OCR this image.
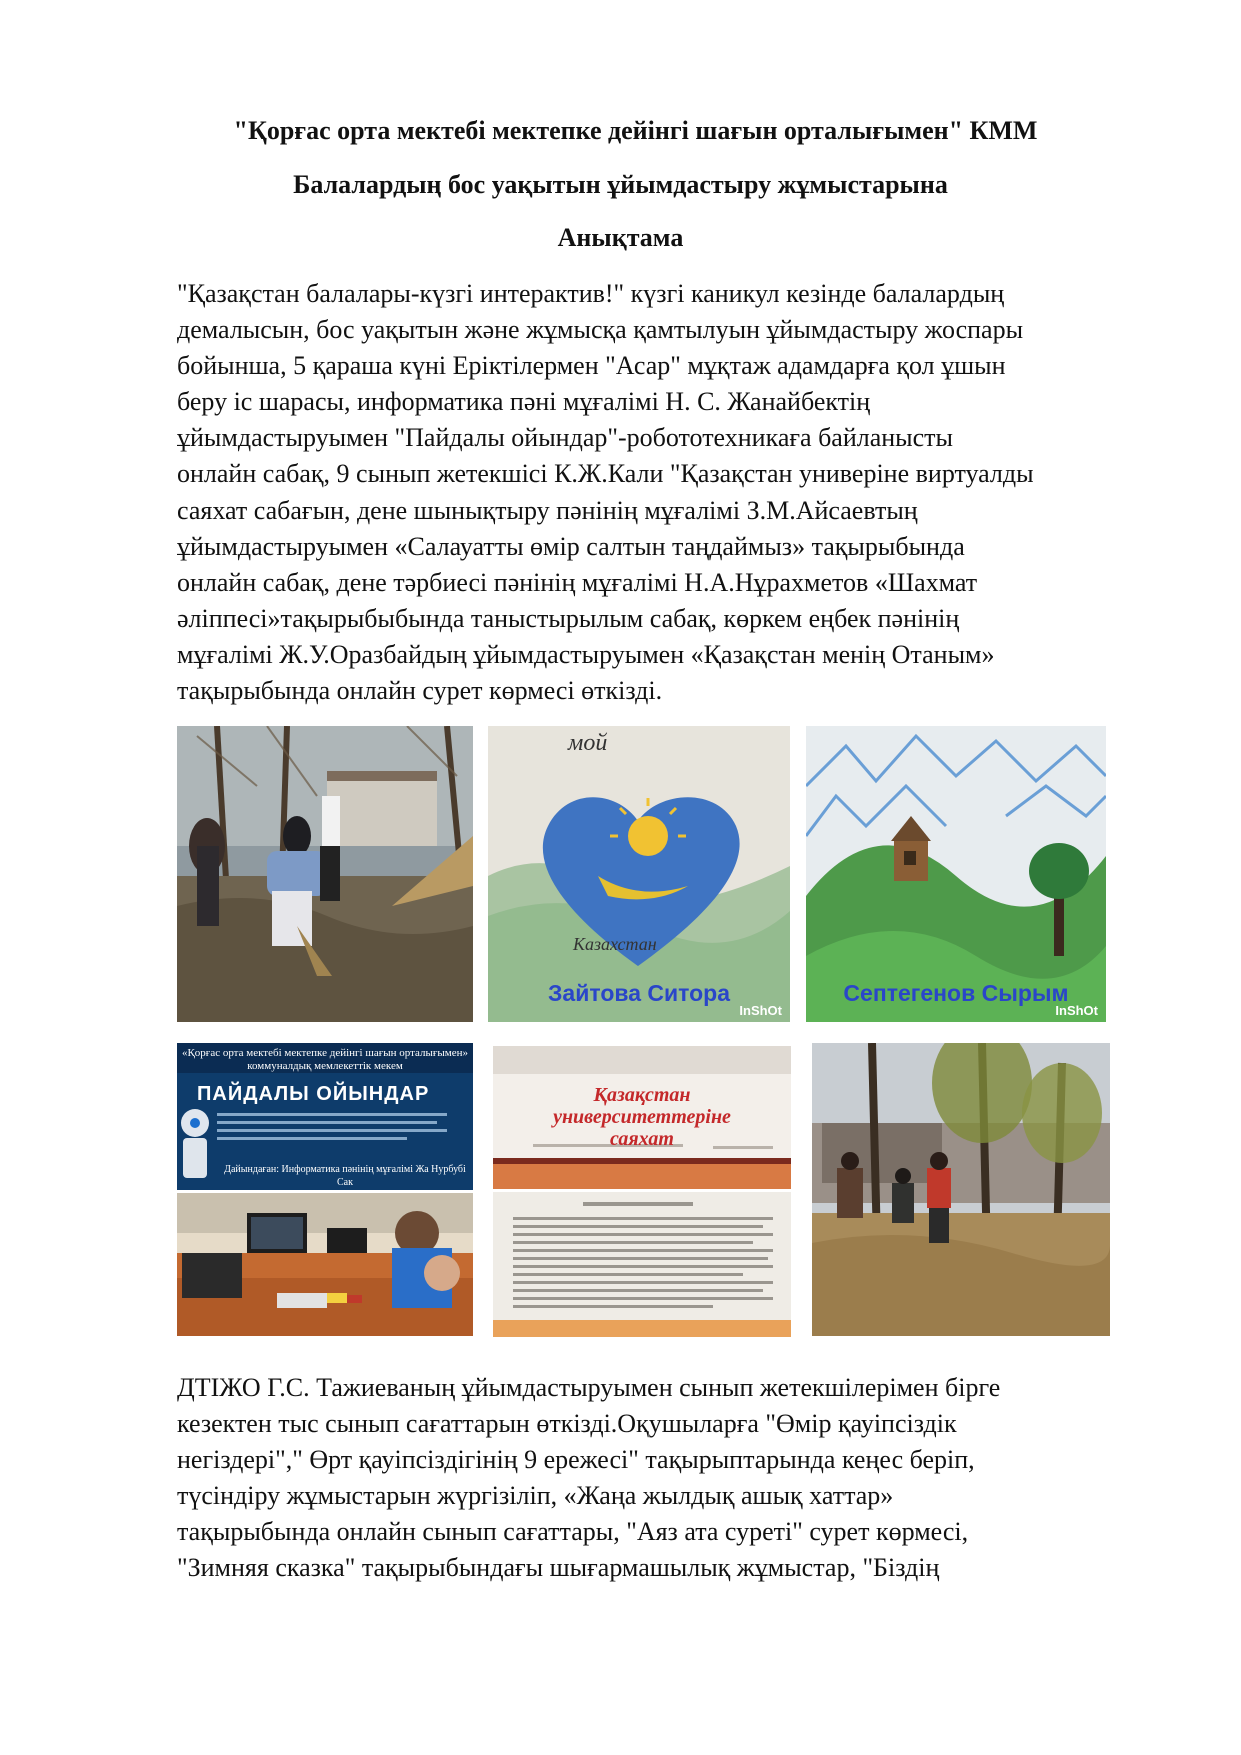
"Қорғас орта мектебі мектепке дейінгі шағын орталығымен" КММ
Балалардың бос уақытын ұйымдастыру жұмыстарына
Анықтама

"Қазақстан балалары-күзгі интерактив!" күзгі каникул кезінде балалардың
демалысын, бос уақытын және жұмысқа қамтылуын ұйымдастыру жоспары
бойынша, 5 қараша күні Еріктілермен "Асар" мұқтаж адамдарға қол ұшын
беру іс шарасы, информатика пәні мұғалімі Н. С. Жанайбектің
ұйымдастыруымен "Пайдалы ойындар"-робототехникаға байланысты
онлайн сабақ, 9 сынып жетекшісі К.Ж.Кали "Қазақстан универіне виртуалды
саяхат сабағын, дене шынықтыру пәнінің мұғалімі З.М.Айсаевтың
ұйымдастыруымен «Салауатты өмір салтын таңдаймыз» тақырыбында
онлайн сабақ, дене тәрбиесі пәнінің мұғалімі Н.А.Нұрахметов «Шахмат
әліппесі»тақырыбыбында таныстырылым сабақ, көркем еңбек пәнінің
мұғалімі Ж.У.Оразбайдың ұйымдастыруымен «Қазақстан менің Отаным»
тақырыбында онлайн сурет көрмесі өткізді.

мой
Казахстан
Зайтова Ситора
InShOt
Септегенов Сырым
InShOt
«Қорғас орта мектебі мектепке дейінгі шағын орталығымен» коммуналдық мемлекеттік мекем
ПАЙДАЛЫ ОЙЫНДАР
Дайындаған: Информатика пәнінің мұғалімі Жа Нурбубі Сак
Қазақстан
университеттеріне
саяхат

ДТІЖО Г.С. Тажиеваның ұйымдастыруымен сынып жетекшілерімен бірге
кезектен тыс сынып сағаттарын өткізді.Оқушыларға "Өмір қауіпсіздік
негіздері"," Өрт қауіпсіздігінің 9 ережесі" тақырыптарында кеңес беріп,
түсіндіру жұмыстарын жүргізіліп, «Жаңа жылдық ашық хаттар»
тақырыбында онлайн сынып сағаттары, "Аяз ата суреті" сурет көрмесі,
"Зимняя сказка" тақырыбындағы шығармашылық жұмыстар, "Біздің
